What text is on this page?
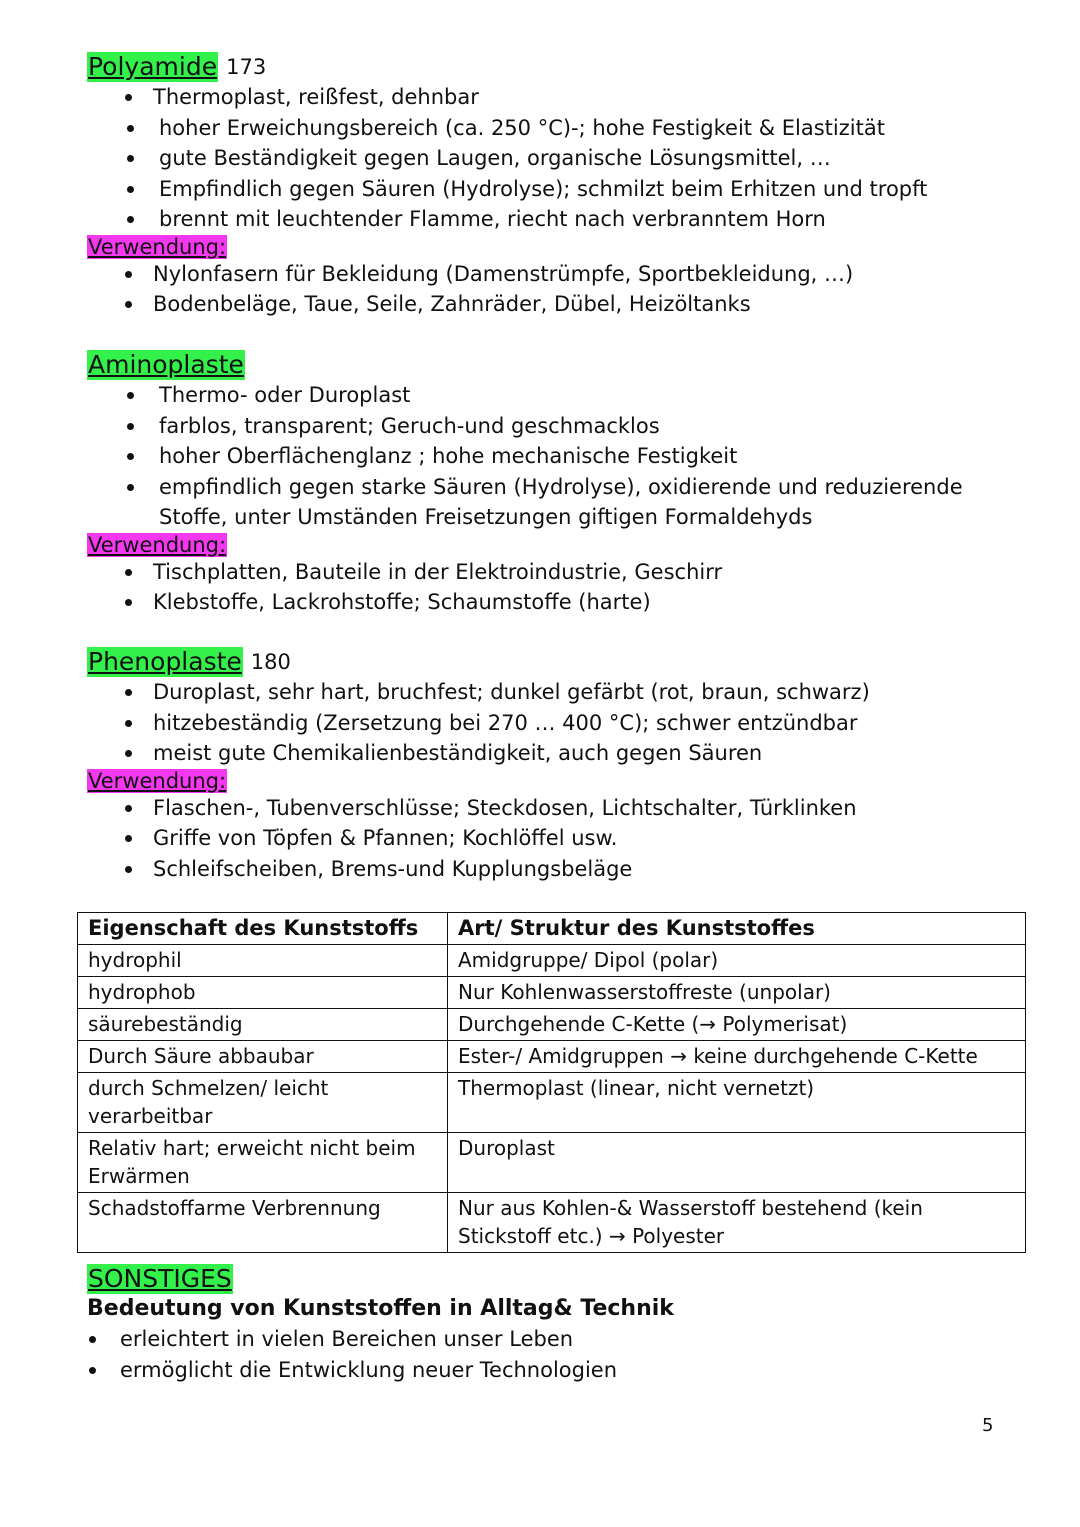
Polyamide 173
Thermoplast, reißfest, dehnbar
hoher Erweichungsbereich (ca. 250 °C)-; hohe Festigkeit & Elastizität
gute Beständigkeit gegen Laugen, organische Lösungsmittel, …
Empfindlich gegen Säuren (Hydrolyse); schmilzt beim Erhitzen und tropft
brennt mit leuchtender Flamme, riecht nach verbranntem Horn
Verwendung:
Nylonfasern für Bekleidung (Damenstrümpfe, Sportbekleidung, …)
Bodenbeläge, Taue, Seile, Zahnräder, Dübel, Heizöltanks
Aminoplaste
Thermo- oder Duroplast
farblos, transparent; Geruch-und geschmacklos
hoher Oberflächenglanz ; hohe mechanische Festigkeit
empfindlich gegen starke Säuren (Hydrolyse), oxidierende und reduzierende Stoffe, unter Umständen Freisetzungen giftigen Formaldehyds
Verwendung:
Tischplatten, Bauteile in der Elektroindustrie, Geschirr
Klebstoffe, Lackrohstoffe; Schaumstoffe (harte)
Phenoplaste 180
Duroplast, sehr hart, bruchfest; dunkel gefärbt (rot, braun, schwarz)
hitzebeständig (Zersetzung bei 270 … 400 °C); schwer entzündbar
meist gute Chemikalienbeständigkeit, auch gegen Säuren
Verwendung:
Flaschen-, Tubenverschlüsse; Steckdosen, Lichtschalter, Türklinken
Griffe von Töpfen & Pfannen; Kochlöffel usw.
Schleifscheiben, Brems-und Kupplungsbeläge
Eigenschaft des Kunststoffs	Art/ Struktur des Kunststoffes
hydrophil	Amidgruppe/ Dipol (polar)
hydrophob	Nur Kohlenwasserstoffreste (unpolar)
säurebeständig	Durchgehende C-Kette (→ Polymerisat)
Durch Säure abbaubar	Ester-/ Amidgruppen → keine durchgehende C-Kette
durch Schmelzen/ leicht verarbeitbar	Thermoplast (linear, nicht vernetzt)
Relativ hart; erweicht nicht beim Erwärmen	Duroplast
Schadstoffarme Verbrennung	Nur aus Kohlen-& Wasserstoff bestehend (kein Stickstoff etc.) → Polyester
SONSTIGES
Bedeutung von Kunststoffen in Alltag& Technik
erleichtert in vielen Bereichen unser Leben
ermöglicht die Entwicklung neuer Technologien
5
